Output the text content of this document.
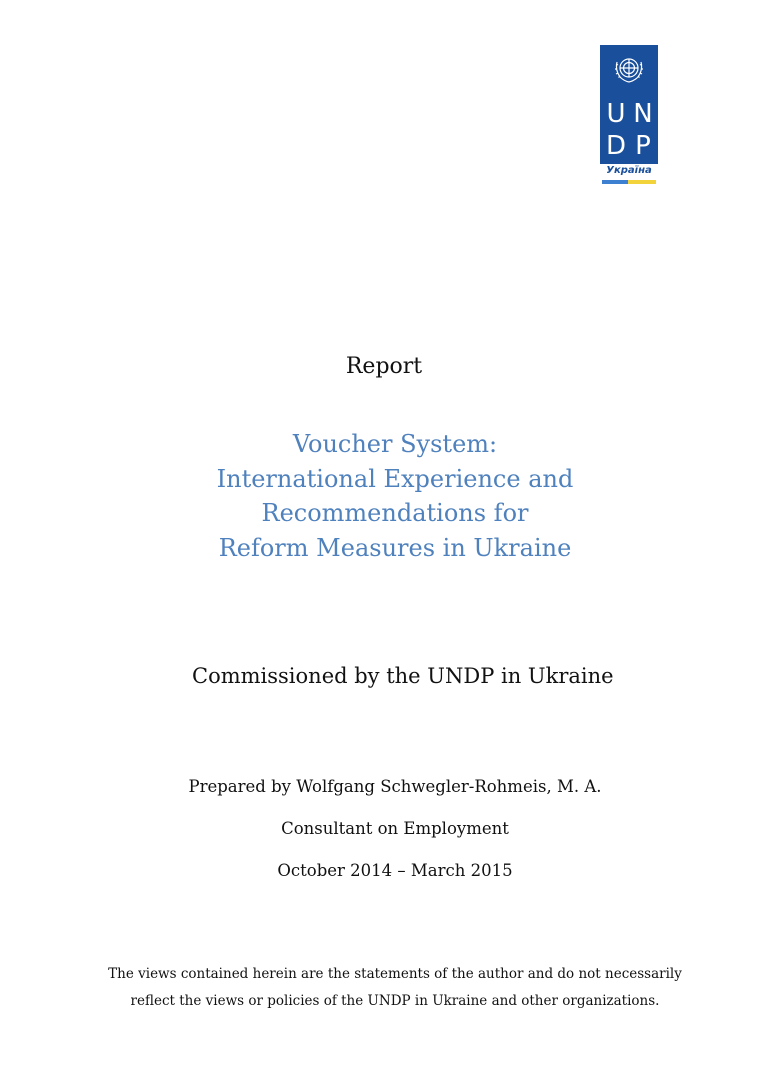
U N
D P
Україна
Report
Voucher System:
International Experience and
Recommendations for
Reform Measures in Ukraine
Commissioned by the UNDP in Ukraine
Prepared by Wolfgang Schwegler-Rohmeis, M. A.
Consultant on Employment
October 2014 – March 2015
The views contained herein are the statements of the author and do not necessarily
reflect the views or policies of the UNDP in Ukraine and other organizations.
